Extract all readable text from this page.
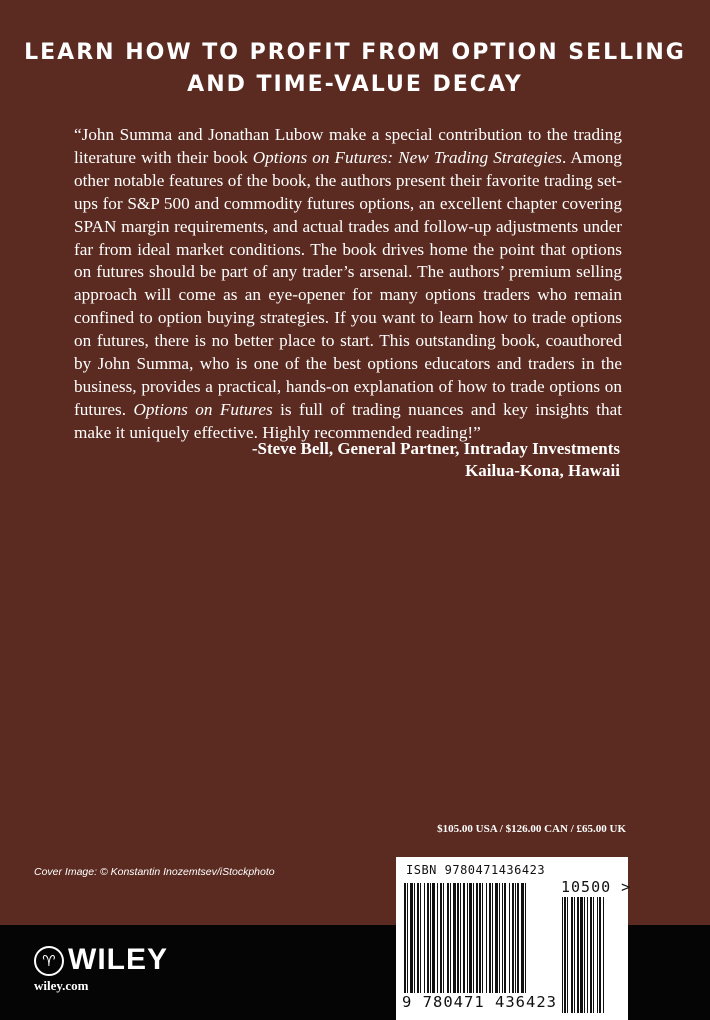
LEARN HOW TO PROFIT FROM OPTION SELLING
AND TIME-VALUE DECAY

“John Summa and Jonathan Lubow make a special contribution to the trading literature with their book Options on Futures: New Trading Strategies. Among other notable features of the book, the authors present their favorite trading set-ups for S&P 500 and commodity futures options, an excellent chapter covering SPAN margin requirements, and actual trades and follow-up adjustments under far from ideal market conditions. The book drives home the point that options on futures should be part of any trader’s arsenal. The authors’ premium selling approach will come as an eye-opener for many options traders who remain confined to option buying strategies. If you want to learn how to trade options on futures, there is no better place to start. This outstanding book, coauthored by John Summa, who is one of the best options educators and traders in the business, provides a practical, hands-on explanation of how to trade options on futures. Options on Futures is full of trading nuances and key insights that make it uniquely effective. Highly recommended reading!”

-Steve Bell, General Partner, Intraday Investments
Kailua-Kona, Hawaii
$105.00 USA / $126.00 CAN / £65.00 UK
Cover Image: © Konstantin Inozemtsev/iStockphoto
♈ WILEY
wiley.com
ISBN 9780471436423
10500 >
9 780471 436423
